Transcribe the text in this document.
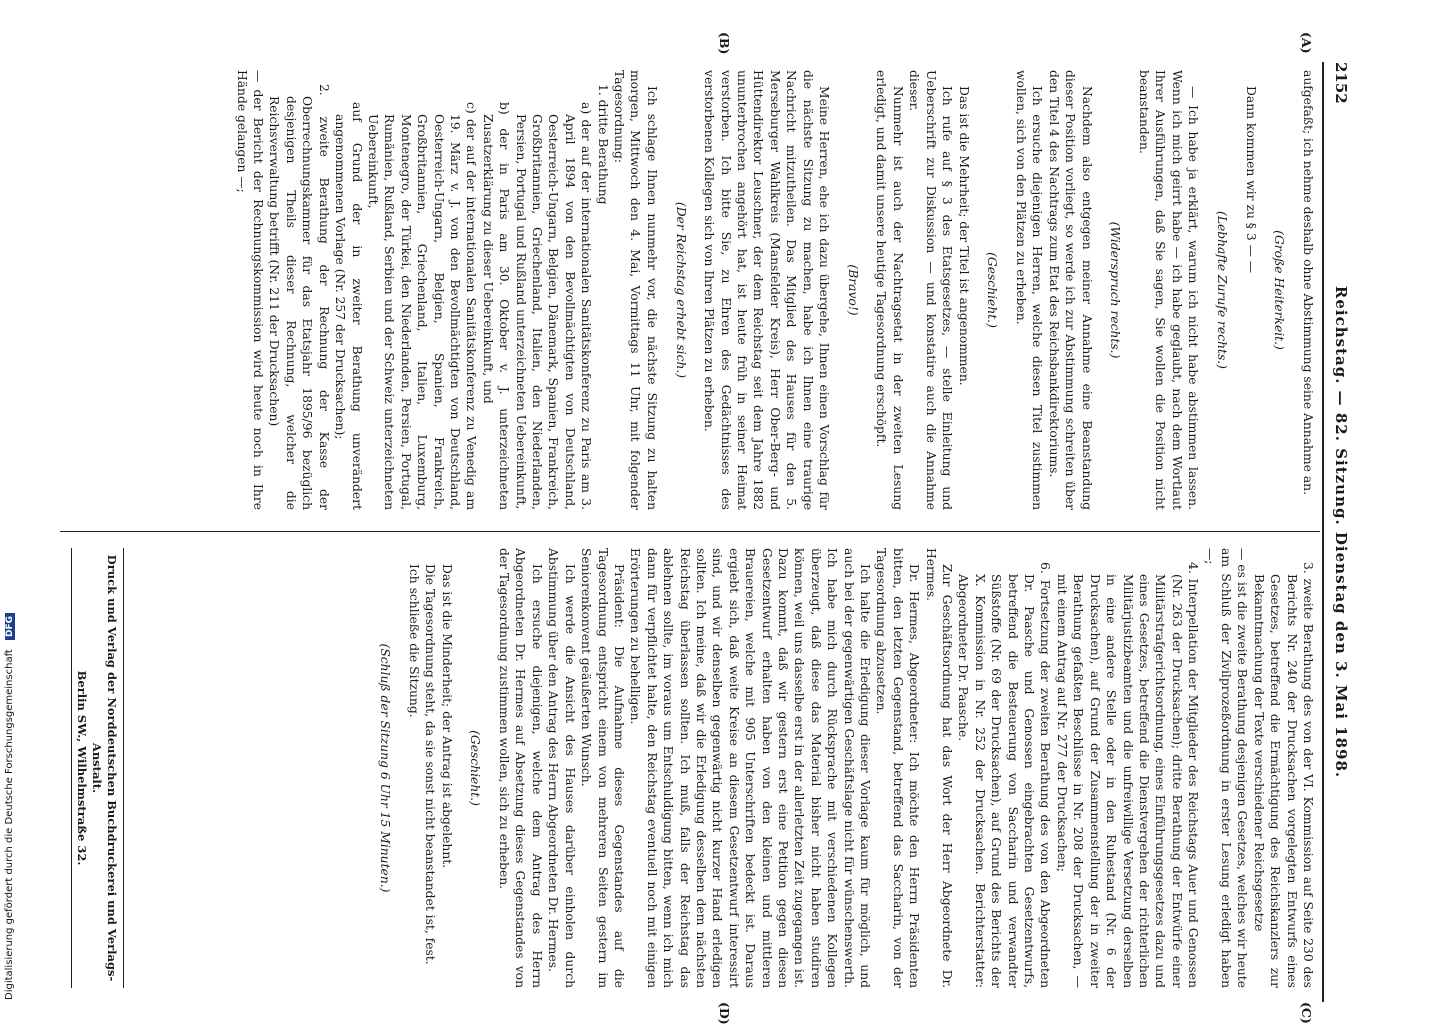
2152
Reichstag. — 82. Sitzung. Dienstag den 3. Mai 1898.
(A)
(B)
(C)
(D)

aufgefaßt; ich nehme deshalb ohne Abstimmung seine Annahme an.

(Große Heiterkeit.)

Dann kommen wir zu § 3 — —

(Lebhafte Zurufe rechts.)

— Ich habe ja erklärt, warum ich nicht habe abstimmen lassen. Wenn ich mich geirrt habe — ich habe geglaubt, nach dem Wortlaut Ihrer Ausführungen, daß Sie sagen, Sie wollen die Position nicht beanstanden.

(Widerspruch rechts.)

Nachdem also entgegen meiner Annahme eine Beanstandung dieser Position vorliegt, so werde ich zur Abstimmung schreiten über den Titel 4 des Nachtrags zum Etat des Reichsbankdirektoriums.

Ich ersuche diejenigen Herren, welche diesen Titel zustimmen wollen, sich von den Plätzen zu erheben.

(Geschieht.)

Das ist die Mehrheit; der Titel ist angenommen.

Ich rufe auf § 3 des Etatsgesetzes, — stelle Einleitung und Ueberschrift zur Diskussion — und konstatire auch die Annahme dieser.

Nunmehr ist auch der Nachtragsetat in der zweiten Lesung erledigt, und damit unsere heutige Tagesordnung erschöpft.

(Bravo!)

Meine Herren, ehe ich dazu übergehe, Ihnen einen Vorschlag für die nächste Sitzung zu machen, habe ich Ihnen eine traurige Nachricht mitzutheilen. Das Mitglied des Hauses für den 5. Merseburger Wahlkreis (Mansfelder Kreis), Herr Ober-Berg- und Hüttendirektor Leuschner, der dem Reichstag seit dem Jahre 1882 ununterbrochen angehört hat, ist heute früh in seiner Heimat verstorben. Ich bitte Sie, zu Ehren des Gedächtnisses des verstorbenen Kollegen sich von Ihren Plätzen zu erheben.

(Der Reichstag erhebt sich.)

Ich schlage Ihnen nunmehr vor, die nächste Sitzung zu halten morgen, Mittwoch den 4. Mai, Vormittags 11 Uhr, mit folgender Tagesordnung:

1. dritte Berathung

a) der auf der internationalen Sanitätskonferenz zu Paris am 3. April 1894 von den Bevollmächtigten von Deutschland, Oesterreich-Ungarn, Belgien, Dänemark, Spanien, Frankreich, Großbritannien, Griechenland, Italien, den Niederlanden, Persien, Portugal und Rußland unterzeichneten Uebereinkunft,

b) der in Paris am 30. Oktober v. J. unterzeichneten Zusatzerklärung zu dieser Uebereinkunft, und

c) der auf der internationalen Sanitätskonferenz zu Venedig am 19. März v. J. von den Bevollmächtigten von Deutschland, Oesterreich-Ungarn, Belgien, Spanien, Frankreich, Großbritannien, Griechenland, Italien, Luxemburg, Montenegro, der Türkei, den Niederlanden, Persien, Portugal, Rumänien, Rußland, Serbien und der Schweiz unterzeichneten Uebereinkunft,

auf Grund der in zweiter Berathung unverändert angenommenen Vorlage (Nr. 257 der Drucksachen);

2. zweite Berathung der Rechnung der Kasse der Oberrechnungskammer für das Etatsjahr 1895/96 bezüglich desjenigen Theils dieser Rechnung, welcher die Reichsverwaltung betrifft (Nr. 211 der Drucksachen)

— der Bericht der Rechnungskommission wird heute noch in Ihre Hände gelangen —;

3. zweite Berathung des von der VI. Kommission auf Seite 230 des Berichts Nr. 240 der Drucksachen vorgelegten Entwurfs eines Gesetzes, betreffend die Ermächtigung des Reichskanzlers zur Bekanntmachung der Texte verschiedener Reichsgesetze

— es ist die zweite Berathung desjenigen Gesetzes, welches wir heute am Schluß der Zivilprozeßordnung in erster Lesung erledigt haben —;

4. Interpellation der Mitglieder des Reichstags Auer und Genossen (Nr. 263 der Drucksachen); dritte Berathung der Entwürfe einer Militärstrafgerichtsordnung, eines Einführungsgesetzes dazu und eines Gesetzes, betreffend die Dienstvergehen der richterlichen Militärjustizbeamten und die unfreiwillige Versetzung derselben in eine andere Stelle oder in den Ruhestand (Nr. 6 der Drucksachen), auf Grund der Zusammenstellung der in zweiter Berathung gefaßten Beschlüsse in Nr. 208 der Drucksachen, — mit einem Antrag auf Nr. 277 der Drucksachen;

6. Fortsetzung der zweiten Berathung des von den Abgeordneten Dr. Paasche und Genossen eingebrachten Gesetzentwurfs, betreffend die Besteuerung von Saccharin und verwandter Süßstoffe (Nr. 69 der Drucksachen), auf Grund des Berichts der X. Kommission in Nr. 252 der Drucksachen. Berichterstatter: Abgeordneter Dr. Paasche.

Zur Geschäftsordnung hat das Wort der Herr Abgeordnete Dr. Hermes.

Dr. Hermes, Abgeordneter: Ich möchte den Herrn Präsidenten bitten, den letzten Gegenstand, betreffend das Saccharin, von der Tagesordnung abzusetzen.

Ich halte die Erledigung dieser Vorlage kaum für möglich, und auch bei der gegenwärtigen Geschäftslage nicht für wünschenswerth. Ich habe mich durch Rücksprache mit verschiedenen Kollegen überzeugt, daß diese das Material bisher nicht haben studiren können, weil uns dasselbe erst in der allerletzten Zeit zugegangen ist. Dazu kommt, daß wir gestern erst eine Petition gegen diesen Gesetzentwurf erhalten haben von den kleinen und mittleren Brauereien, welche mit 905 Unterschriften bedeckt ist. Daraus ergiebt sich, daß weite Kreise an diesem Gesetzentwurf interessirt sind, und wir denselben gegenwärtig nicht kurzer Hand erledigen sollten. Ich meine, daß wir die Erledigung desselben dem nächsten Reichstag überlassen sollten. Ich muß, falls der Reichstag das ablehnen sollte, im voraus um Entschuldigung bitten, wenn ich mich dann für verpflichtet halte, den Reichstag eventuell noch mit einigen Erörterungen zu behelligen.

Präsident: Die Aufnahme dieses Gegenstandes auf die Tagesordnung entspricht einem von mehreren Seiten gestern im Seniorenkonvent geäußerten Wunsch.

Ich werde die Ansicht des Hauses darüber einholen durch Abstimmung über den Antrag des Herrn Abgeordneten Dr. Hermes.

Ich ersuche diejenigen, welche dem Antrag des Herrn Abgeordneten Dr. Hermes auf Absetzung dieses Gegenstandes von der Tagesordnung zustimmen wollen, sich zu erheben.

(Geschieht.)

Das ist die Minderheit; der Antrag ist abgelehnt.

Die Tagesordnung steht, da sie sonst nicht beanstandet ist, fest.

Ich schließe die Sitzung.

(Schluß der Sitzung 6 Uhr 15 Minuten.)

Druck und Verlag der Norddeutschen Buchdruckerei und Verlags-Anstalt.
Berlin SW., Wilhelmstraße 32.
Digitalisierung gefördert durch die Deutsche Forschungsgemeinschaft DFG
